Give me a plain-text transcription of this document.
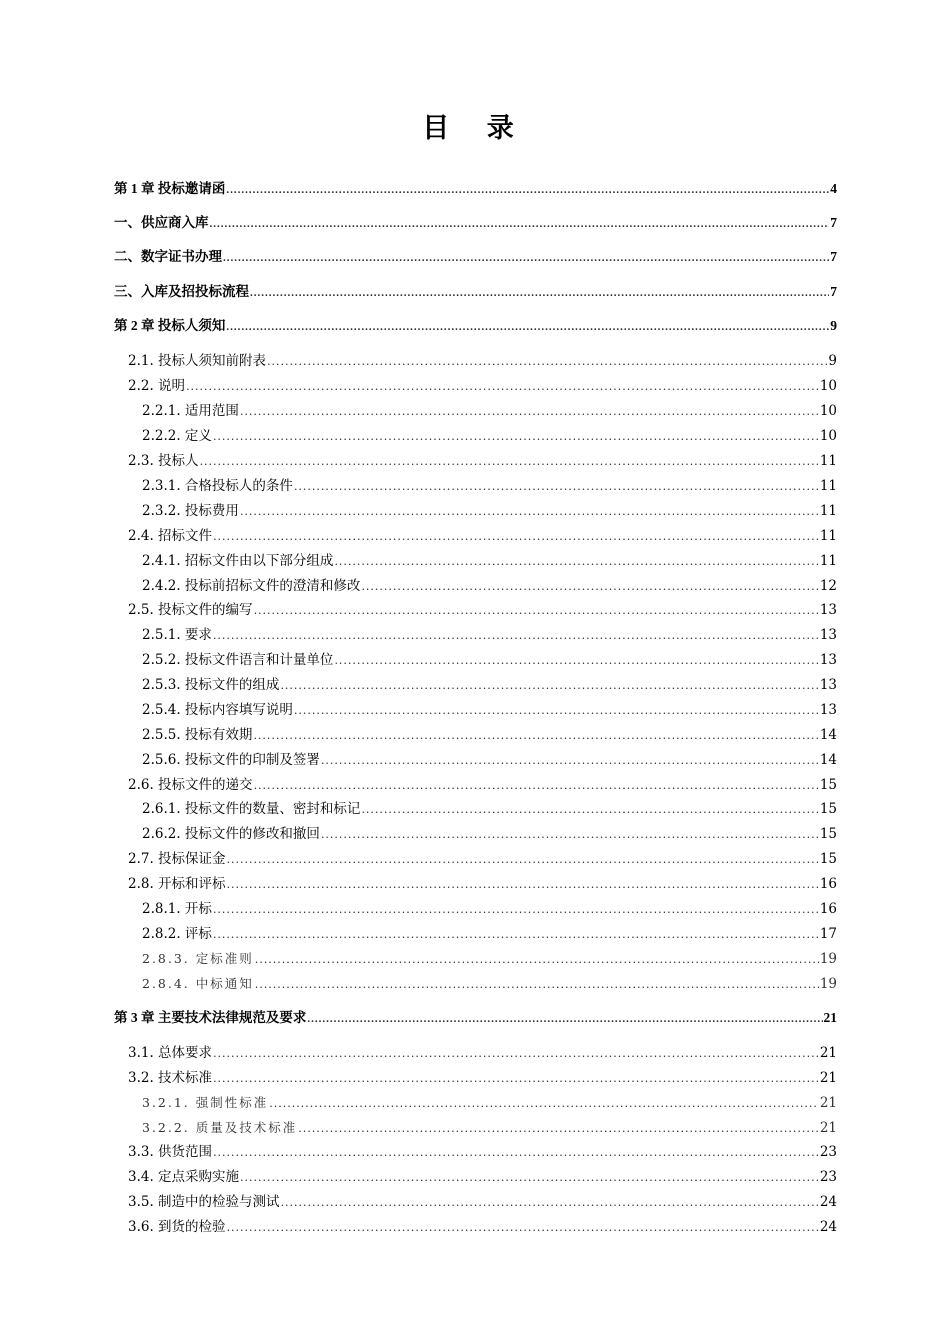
目 录
第 1 章 投标邀请函 .....	4
一、供应商入库 .....	7
二、数字证书办理 .....	7
三、入库及招投标流程 .....	7
第 2 章 投标人须知 .....	9
2.1. 投标人须知前附表 .....	9
2.2. 说明 .....	10
2.2.1. 适用范围 .....	10
2.2.2. 定义 .....	10
2.3. 投标人 .....	11
2.3.1. 合格投标人的条件 .....	11
2.3.2. 投标费用 .....	11
2.4. 招标文件 .....	11
2.4.1. 招标文件由以下部分组成 .....	11
2.4.2. 投标前招标文件的澄清和修改 .....	12
2.5. 投标文件的编写 .....	13
2.5.1. 要求 .....	13
2.5.2. 投标文件语言和计量单位 .....	13
2.5.3. 投标文件的组成 .....	13
2.5.4. 投标内容填写说明 .....	13
2.5.5. 投标有效期 .....	14
2.5.6. 投标文件的印制及签署 .....	14
2.6. 投标文件的递交 .....	15
2.6.1. 投标文件的数量、密封和标记 .....	15
2.6.2. 投标文件的修改和撤回 .....	15
2.7. 投标保证金 .....	15
2.8. 开标和评标 .....	16
2.8.1. 开标 .....	16
2.8.2. 评标 .....	17
2.8.3. 定标准则 .....	19
2.8.4. 中标通知 .....	19
第 3 章 主要技术法律规范及要求 .....	21
3.1. 总体要求 .....	21
3.2. 技术标准 .....	21
3.2.1. 强制性标准 .....	21
3.2.2. 质量及技术标准 .....	21
3.3. 供货范围 .....	23
3.4. 定点采购实施 .....	23
3.5. 制造中的检验与测试 .....	24
3.6. 到货的检验 .....	24
